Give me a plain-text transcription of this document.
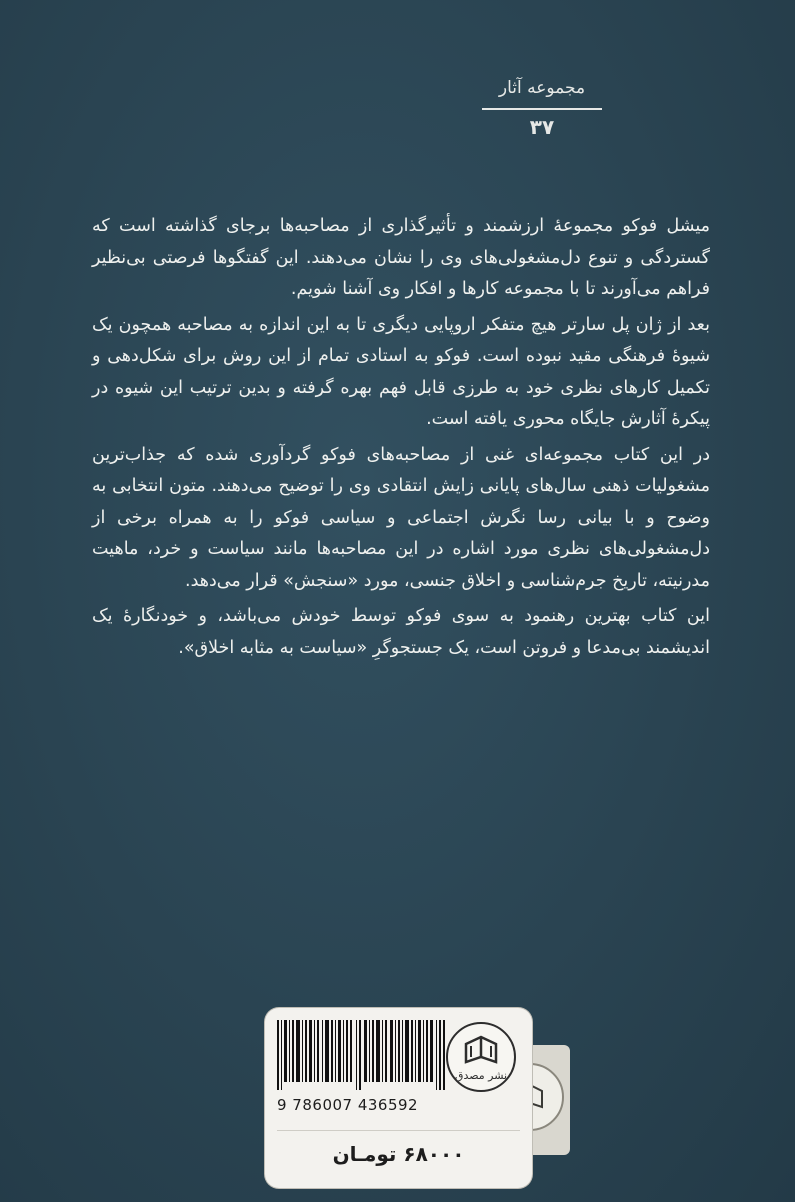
مجموعه آثار
۳۷

میشل فوکو مجموعهٔ ارزشمند و تأثیرگذاری از مصاحبه‌ها برجای گذاشته است که گستردگی و تنوع دل‌مشغولی‌های وی را نشان می‌دهند. این گفتگوها فرصتی بی‌نظیر فراهم می‌آورند تا با مجموعه کارها و افکار وی آشنا شویم.

بعد از ژان پل سارتر هیچ متفکر اروپایی دیگری تا به این اندازه به مصاحبه همچون یک شیوهٔ فرهنگی مقید نبوده است. فوکو به استادی تمام از این روش برای شکل‌دهی و تکمیل کارهای نظری خود به طرزی قابل فهم بهره گرفته و بدین ترتیب این شیوه در پیکرهٔ آثارش جایگاه محوری یافته است.

در این کتاب مجموعه‌ای غنی از مصاحبه‌های فوکو گردآوری شده که جذاب‌ترین مشغولیات ذهنی سال‌های پایانی زایش انتقادی وی را توضیح می‌دهند. متون انتخابی به وضوح و با بیانی رسا نگرش اجتماعی و سیاسی فوکو را به همراه برخی از دل‌مشغولی‌های نظری مورد اشاره در این مصاحبه‌ها مانند سیاست و خرد، ماهیت مدرنیته، تاریخ جرم‌شناسی و اخلاق جنسی، مورد «سنجش» قرار می‌دهد.

این کتاب بهترین رهنمود به سوی فوکو توسط خودش می‌باشد، و خودنگارهٔ یک اندیشمند بی‌مدعا و فروتن است، یک جستجوگرِ «سیاست به مثابه اخلاق».

9 786007 436592
نشر مصدق
۶۸۰۰۰ تومـان
